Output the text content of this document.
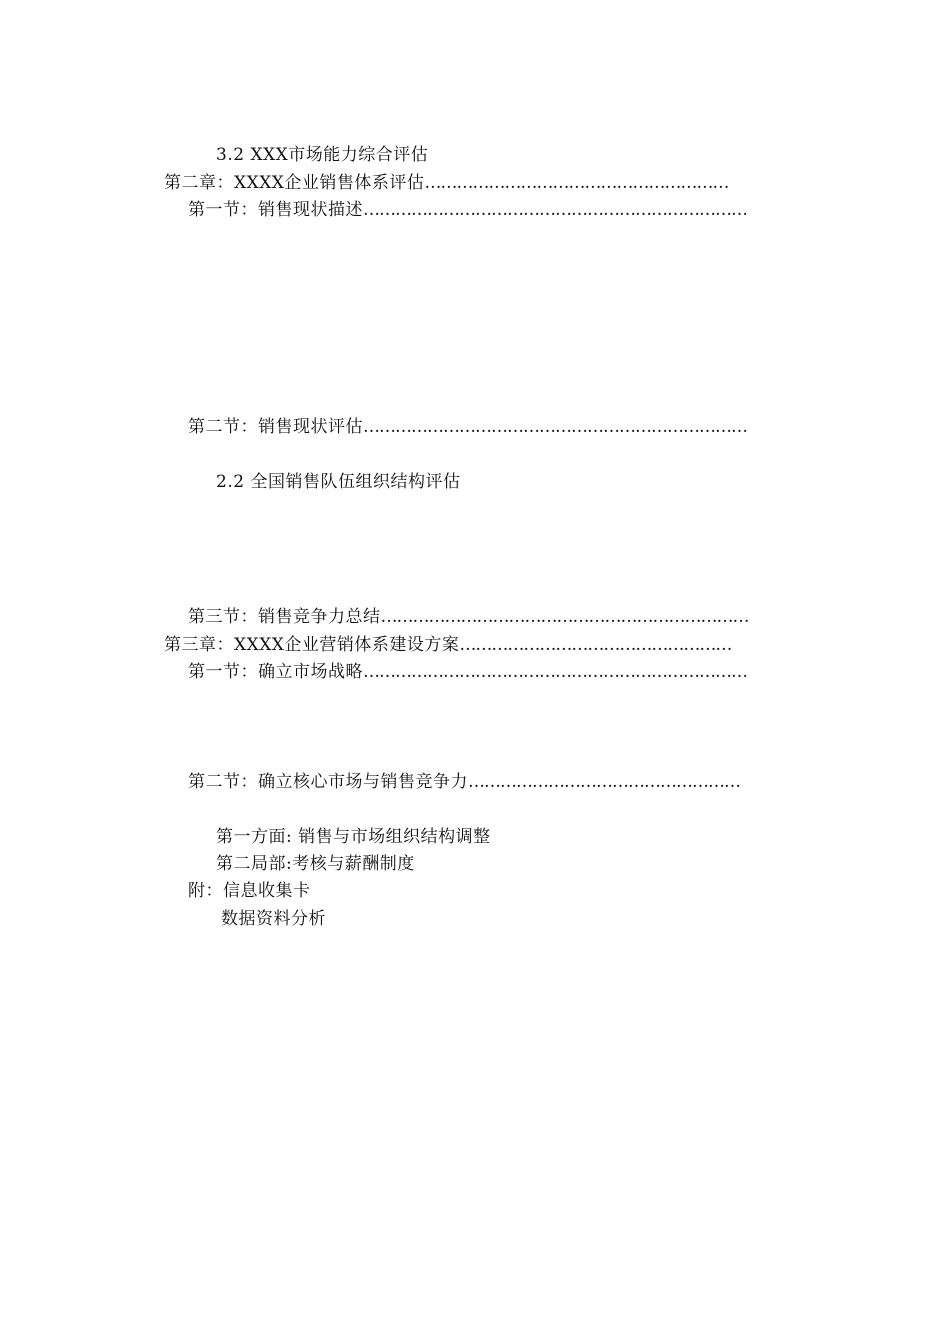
3.2 XXX市场能力综合评估
第二章：XXXX企业销售体系评估…………………………………………………
第一节：销售现状描述………………………………………………………………
第二节：销售现状评估………………………………………………………………
2.2 全国销售队伍组织结构评估
第三节：销售竞争力总结……………………………………………………………
第三章：XXXX企业营销体系建设方案……………………………………………
第一节：确立市场战略………………………………………………………………
第二节：确立核心市场与销售竞争力……………………………………………
第一方面: 销售与市场组织结构调整
第二局部:考核与薪酬制度
附：信息收集卡
数据资料分析
